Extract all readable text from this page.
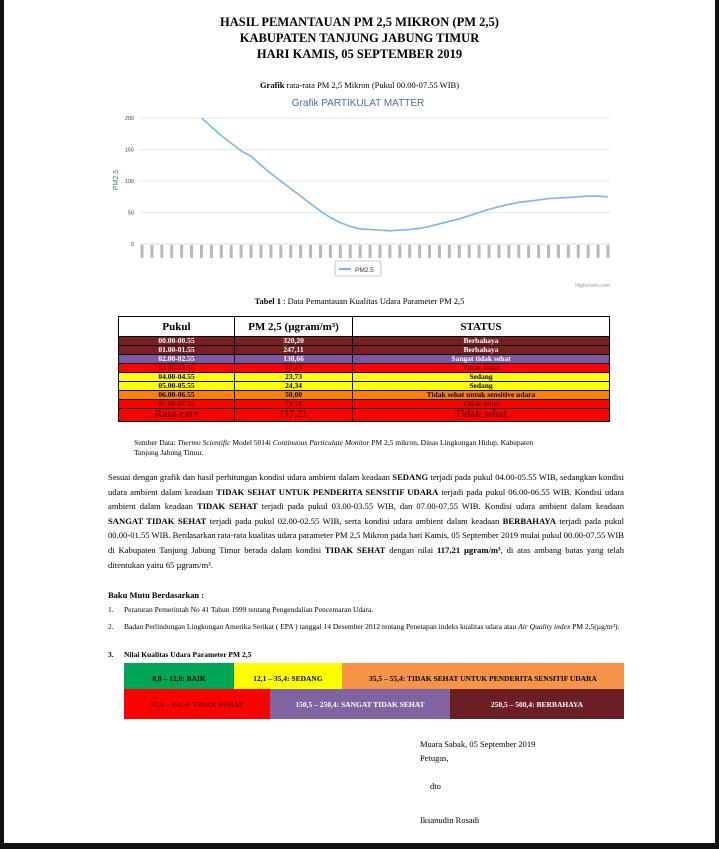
HASIL PEMANTAUAN PM 2,5 MIKRON (PM 2,5)
KABUPATEN TANJUNG JABUNG TIMUR
HARI KAMIS, 05 SEPTEMBER 2019
Grafik rata-rata PM 2,5 Mikron (Pukul 00.00-07.55 WIB)
Grafik PARTIKULAT MATTER
0
50
100
150
200
PM2.5
PM2.5
Highcharts.com
Tabel 1 : Data Pemantauan Kualitas Udara Parameter PM 2,5
Pukul	PM 2,5 (µgram/m³)	STATUS
00.00-00.55	320,20	Berbahaya
01.00-01.55	247,11	Berbahaya
02.00-02.55	138,66	Sangat tidak sehat
03.00-03.55	62,43	Tidak sehat
04.00-04.55	23,73	Sedang
05.00-05.55	24,34	Sedang
06.00-06.55	50,00	Tidak sehat untuk sensitive udara
07.00-07.55	71,18	Tidak sehat
Rata-rata	117,21	Tidak sehat
Sumber Data: Thermo Scientific Model 5014i Continuous Particulate Monitor PM 2,5 mikron, Dinas Lingkungan Hidup, Kabupaten
Tanjung Jabung Timur.
Sesuai dengan grafik dan hasil perhitungan kondisi udara ambient dalam keadaan SEDANG terjadi pada pukul 04.00-05.55 WIB, sedangkan kondisi udara ambient dalam keadaan TIDAK SEHAT UNTUK PENDERITA SENSITIF UDARA terjadi pada pukul 06.00-06.55 WIB. Kondisi udara ambient dalam keadaan TIDAK SEHAT terjadi pada pukul 03.00-03.55 WIB, dan 07.00-07.55 WIB. Kondisi udara ambient dalam keadaan SANGAT TIDAK SEHAT terjadi pada pukul 02.00-02.55 WIB, serta kondisi udara ambient dalam keadaan BERBAHAYA terjadi pada pukul 00.00-01.55 WIB. Berdasarkan rata-rata kualitas udara parameter PM 2,5 Mikron pada hari Kamis, 05 September 2019 mulai pukul 00.00-07.55 WIB di Kabupaten Tanjung Jabung Timur berada dalam kondisi TIDAK SEHAT dengan nilai 117,21 µgram/m³, di atas ambang batas yang telah ditentukan yaitu 65 µgram/m³.
Baku Mutu Berdasarkan :
1.	Peraturan Pemerintah No 41 Tahun 1999 tentang Pengendalian Pencemaran Udara.
2.	Badan Perlindungan Lingkungan Amerika Serikat ( EPA ) tanggal 14 Desember 2012 tentang Penetapan indeks kualitas udara atau Air Quality index PM 2,5(µg/m³).
3.	Nilai Kualitas Udara Parameter PM 2,5
0,0 – 12,0: BAIK	12,1 – 35,4: SEDANG	35,5 – 55,4: TIDAK SEHAT UNTUK PENDERITA SENSITIF UDARA
55,5 – 150,4: TIDAK SEHAT	150,5 – 250,4: SANGAT TIDAK SEHAT	250,5 – 500,4: BERBAHAYA
Muara Sabak, 05 September 2019
Petugas,
dto
Iksanudin Rosadi
